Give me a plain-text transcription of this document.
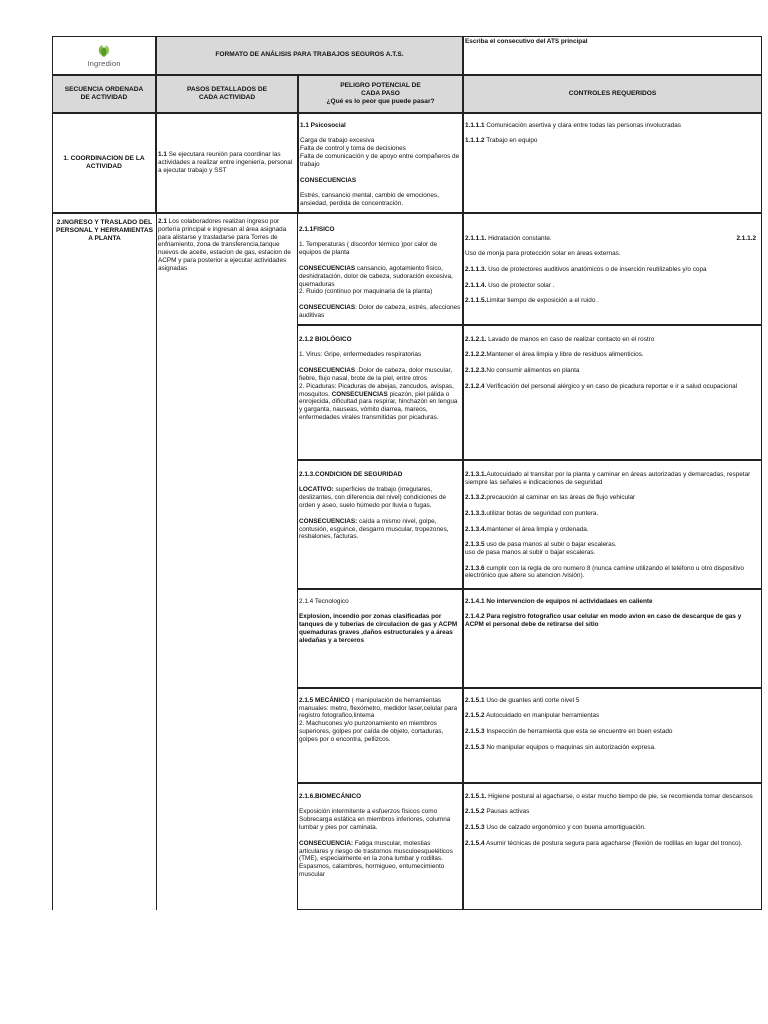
Ingredion
FORMATO DE ANÁLISIS PARA TRABAJOS SEGUROS A.T.S.
Escriba el consecutivo del ATS principal
SECUENCIA ORDENADA
DE ACTIVIDAD
PASOS DETALLADOS DE
CADA ACTIVIDAD
PELIGRO POTENCIAL DE
CADA PASO
¿Qué es lo peor que puede pasar?
CONTROLES REQUERIDOS
1. COORDINACION DE LA ACTIVIDAD
1.1 Se ejecutara reunión para coordinar las actividades a realizar entre ingeniería, personal a ejecutar trabajo y SST

1.1 Psicosocial

Carga de trabajo excesiva
Falta de control y toma de decisiones
Falta de comunicación y de apoyo entre compañeros de trabajo

CONSECUENCIAS

Estrés, cansancio mental, cambio de emociones, ansiedad, perdida de concentración.

1.1.1.1 Comunicación asertiva y clara entre todas las personas involucradas

1.1.1.2 Trabajo en equipo

2.INGRESO Y TRASLADO DEL PERSONAL Y HERRAMIENTAS A PLANTA
2.1 Los colaboradores realizan ingreso por portería principal e ingresan al área asignada para alistarse y trasladarse para Torres de enfriamiento, zona de transferencia,tanque nuevos de aceite, estacion de gas, estacion de ACPM y para posterior a ejecutar actividades asignadas

2.1.1FISICO

1. Temperaturas ( disconfor térmico )por calor de equipos de planta

CONSECUENCIAS cansancio, agotamiento físico, deshidratación, dolor de cabeza, sudoración excesiva, quemaduras
2. Ruido (continuo por maquinaria de la planta)

CONSECUENCIAS: Dolor de cabeza, estrés, afecciones auditivas

2.1.2 BIOLÓGICO

1. Virus: Gripe, enfermedades respiratorias

CONSECUENCIAS .Dolor de cabeza, dolor muscular, fiebre, flujo nasal, brote de la piel, entre otros
2. Picaduras: Picaduras de abejas, zancudos, avispas, mosquitos. CONSECUENCIAS picazón, piel pálida o enrojecida, dificultad para respirar, hinchazón en lengua y garganta, nauseas, vómito diarrea, mareos, enfermedades virales transmitidas por picaduras.

2.1.3.CONDICION DE SEGURIDAD

LOCATIVO: superficies de trabajo (irregulares, deslizantes, con diferencia del nivel) condiciones de orden y aseo, suelo húmedo por lluvia o fugas.

CONSECUENCIAS: caída a mismo nivel, golpe, contusión, esguince, desgarro muscular, tropezones, resbalones, facturas.

2.1.4 Tecnologico

Explosion, incendio por zonas clasificadas por tanques de y tuberias de circulacion de gas y ACPM
quemaduras graves ,daños estructurales y a áreas aledañas y a terceros

2.1.5 MECÁNICO ( manipulación de herramientas manuales: metro, flexómetro, medidor laser,celular para registro fotografico,lintema
2. Machucones y/o punzonamiento en miembros superiores, golpes por caída de objeto, cortaduras, golpes por o encontra, pellizcos.

2.1.6.BIOMECÁNICO

Exposición intermitente a esfuerzos físicos como Sobrecarga estática en miembros inferiores, columna lumbar y pies por caminata.

CONSECUENCIA: Fatiga muscular, molestias articulares y riesgo de trastornos musculoesqueléticos (TME), especialmente en la zona lumbar y rodillas. Espasmos, calambres, hormigueo, entumecimiento muscular

2.1.1.1. Hidratación constante.	2.1.1.2

Uso de monja para protección solar en áreas externas.

2.1.1.3. Uso de protectores auditivos anatómicos o de inserción reutilizables y/o copa

2.1.1.4. Uso de protector solar .

2.1.1.5.Limitar tiempo de exposición a el ruido .

2.1.2.1. Lavado de manos en caso de realizar contacto en el rostro

2.1.2.2.Mantener el área limpia y libre de residuos alimenticios.

2.1.2.3.No consumir alimentos en planta

2.1.2.4 Verificación del personal alérgico y en caso de picadura reportar e ir a salud ocupacional

2.1.3.1.Autocuidado al transitar por la planta y caminar en áreas autorizadas y demarcadas, respetar siempre las señales e indicaciones de seguridad

2.1.3.2.precaución al caminar en las áreas de flujo vehicular

2.1.3.3.utilizar botas de seguridad con puntera.

2.1.3.4.mantener el área limpia y ordenada.

2.1.3.5 uso de pasa manos al subir o bajar escaleras.
uso de pasa manos al subir o bajar escaleras.

2.1.3.6 cumplir con la regla de oro numero 8 (nunca camine utilizando el teléfono u otro dispositivo electrónico que altere su atencion /visión).

2.1.4.1 No intervencion de equipos ni actividadaes en caliente

2.1.4.2 Para registro fotografico usar celular en modo avion en caso de descarque de gas y ACPM el personal debe de retirarse del sitio

2.1.5.1 Uso de guantes anti corte nivel 5

2.1.5.2 Autocuidado en manipular herramientas

2.1.5.3 Inspección de herramienta que esta se encuentre en buen estado

2.1.5.3 No manipular equipos o maquinas sin autorización expresa.

2.1.5.1. Higiene postural al agacharse, o estar mucho tiempo de pie, se recomienda tomar descansos

2.1.5.2 Pausas activas

2.1.5.3 Uso de calzado ergonómico y con buena amortiguación.

2.1.5.4 Asumir técnicas de postura segura para agacharse (flexión de rodillas en lugar del tronco).
